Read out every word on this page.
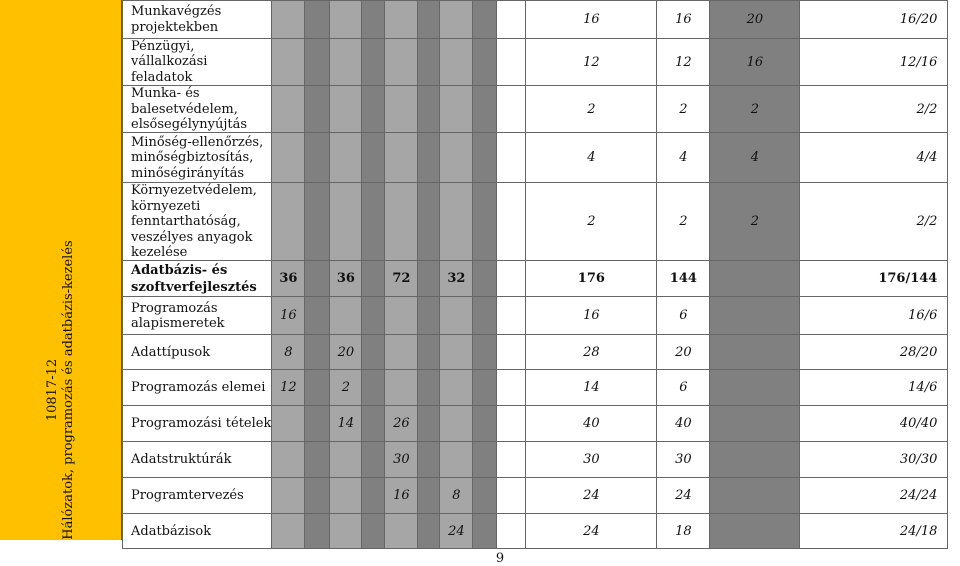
10817-12 Hálózatok, programozás és adatbázis-kezelés
Munkavégzés projektekben										16	16	20	16/20
Pénzügyi, vállalkozási feladatok										12	12	16	12/16
Munka- és balesetvédelem, elsősegélynyújtás										2	2	2	2/2
Minőség-ellenőrzés, minőségbiztosítás, minőségirányítás										4	4	4	4/4
Környezetvédelem, környezeti fenntarthatóság, veszélyes anyagok kezelése										2	2	2	2/2
Adatbázis- és szoftverfejlesztés	36		36		72		32			176	144		176/144
Programozás alapismeretek	16									16	6		16/6
Adattípusok	8		20							28	20		28/20
Programozás elemei	12		2							14	6		14/6
Programozási tételek			14		26					40	40		40/40
Adatstruktúrák					30					30	30		30/30
Programtervezés					16		8			24	24		24/24
Adatbázisok							24			24	18		24/18
9
